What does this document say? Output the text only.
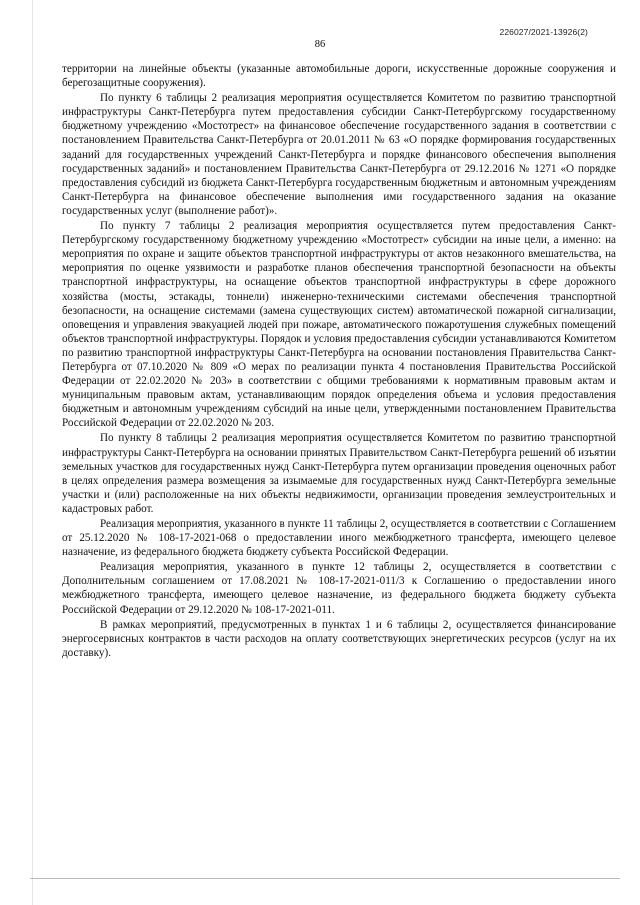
226027/2021-13926(2)
86

территории на линейные объекты (указанные автомобильные дороги, искусственные дорожные сооружения и берегозащитные сооружения).

По пункту 6 таблицы 2 реализация мероприятия осуществляется Комитетом по развитию транспортной инфраструктуры Санкт-Петербурга путем предоставления субсидии Санкт-Петербургскому государственному бюджетному учреждению «Мостотрест» на финансовое обеспечение государственного задания в соответствии с постановлением Правительства Санкт-Петербурга от 20.01.2011 № 63 «О порядке формирования государственных заданий для государственных учреждений Санкт-Петербурга и порядке финансового обеспечения выполнения государственных заданий» и постановлением Правительства Санкт-Петербурга от 29.12.2016 № 1271 «О порядке предоставления субсидий из бюджета Санкт-Петербурга государственным бюджетным и автономным учреждениям Санкт-Петербурга на финансовое обеспечение выполнения ими государственного задания на оказание государственных услуг (выполнение работ)».

По пункту 7 таблицы 2 реализация мероприятия осуществляется путем предоставления Санкт-Петербургскому государственному бюджетному учреждению «Мостотрест» субсидии на иные цели, а именно: на мероприятия по охране и защите объектов транспортной инфраструктуры от актов незаконного вмешательства, на мероприятия по оценке уязвимости и разработке планов обеспечения транспортной безопасности на объекты транспортной инфраструктуры, на оснащение объектов транспортной инфраструктуры в сфере дорожного хозяйства (мосты, эстакады, тоннели) инженерно-техническими системами обеспечения транспортной безопасности, на оснащение системами (замена существующих систем) автоматической пожарной сигнализации, оповещения и управления эвакуацией людей при пожаре, автоматического пожаротушения служебных помещений объектов транспортной инфраструктуры. Порядок и условия предоставления субсидии устанавливаются Комитетом по развитию транспортной инфраструктуры Санкт-Петербурга на основании постановления Правительства Санкт-Петербурга от 07.10.2020 № 809 «О мерах по реализации пункта 4 постановления Правительства Российской Федерации от 22.02.2020 № 203» в соответствии с общими требованиями к нормативным правовым актам и муниципальным правовым актам, устанавливающим порядок определения объема и условия предоставления бюджетным и автономным учреждениям субсидий на иные цели, утвержденными постановлением Правительства Российской Федерации от 22.02.2020 № 203.

По пункту 8 таблицы 2 реализация мероприятия осуществляется Комитетом по развитию транспортной инфраструктуры Санкт-Петербурга на основании принятых Правительством Санкт-Петербурга решений об изъятии земельных участков для государственных нужд Санкт-Петербурга путем организации проведения оценочных работ в целях определения размера возмещения за изымаемые для государственных нужд Санкт-Петербурга земельные участки и (или) расположенные на них объекты недвижимости, организации проведения землеустроительных и кадастровых работ.

Реализация мероприятия, указанного в пункте 11 таблицы 2, осуществляется в соответствии с Соглашением от 25.12.2020 № 108-17-2021-068 о предоставлении иного межбюджетного трансферта, имеющего целевое назначение, из федерального бюджета бюджету субъекта Российской Федерации.

Реализация мероприятия, указанного в пункте 12 таблицы 2, осуществляется в соответствии с Дополнительным соглашением от 17.08.2021 № 108-17-2021-011/3 к Соглашению о предоставлении иного межбюджетного трансферта, имеющего целевое назначение, из федерального бюджета бюджету субъекта Российской Федерации от 29.12.2020 № 108-17-2021-011.

В рамках мероприятий, предусмотренных в пунктах 1 и 6 таблицы 2, осуществляется финансирование энергосервисных контрактов в части расходов на оплату соответствующих энергетических ресурсов (услуг на их доставку).
